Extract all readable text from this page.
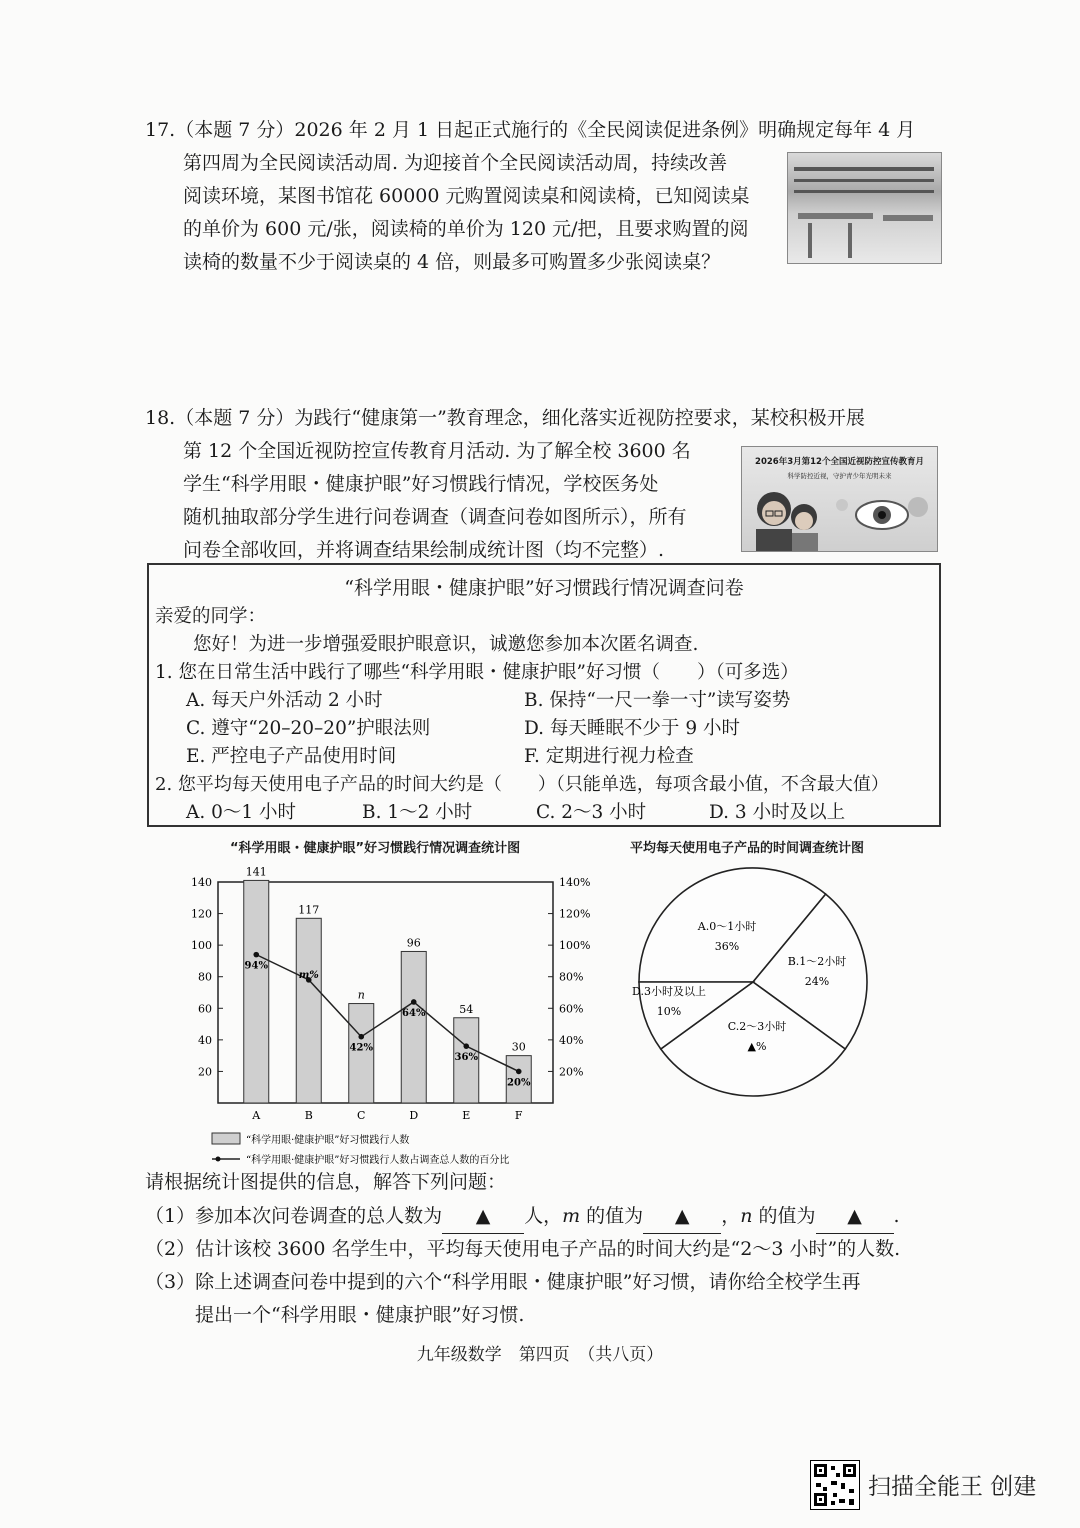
17.（本题 7 分）2026 年 2 月 1 日起正式施行的《全民阅读促进条例》明确规定每年 4 月
第四周为全民阅读活动周. 为迎接首个全民阅读活动周，持续改善
阅读环境，某图书馆花 60000 元购置阅读桌和阅读椅，已知阅读桌
的单价为 600 元/张，阅读椅的单价为 120 元/把，且要求购置的阅
读椅的数量不少于阅读桌的 4 倍，则最多可购置多少张阅读桌？
18.（本题 7 分）为践行“健康第一”教育理念，细化落实近视防控要求，某校积极开展
第 12 个全国近视防控宣传教育月活动. 为了解全校 3600 名
学生“科学用眼・健康护眼”好习惯践行情况，学校医务处
随机抽取部分学生进行问卷调查（调查问卷如图所示），所有
问卷全部收回，并将调查结果绘制成统计图（均不完整）.
2026年3月第12个全国近视防控宣传教育月
科学防控近视，守护青少年光明未来
“科学用眼・健康护眼”好习惯践行情况调查问卷
亲爱的同学：
您好！为进一步增强爱眼护眼意识，诚邀您参加本次匿名调查.
1. 您在日常生活中践行了哪些“科学用眼・健康护眼”好习惯（　　）（可多选）
A. 每天户外活动 2 小时	B. 保持“一尺一拳一寸”读写姿势
C. 遵守“20–20–20”护眼法则	D. 每天睡眠不少于 9 小时
E. 严控电子产品使用时间	F. 定期进行视力检查
2. 您平均每天使用电子产品的时间大约是（　　）（只能单选，每项含最小值，不含最大值）
A. 0～1 小时	B. 1～2 小时	C. 2～3 小时	D. 3 小时及以上
“科学用眼・健康护眼”好习惯践行情况调查统计图	平均每天使用电子产品的时间调查统计图
20
40
60
80
100
120
140
20%
40%
60%
80%
100%
120%
140%
141
A
117
B
n
C
96
D
54
E
30
F
94%
m%
42%
64%
36%
20%
“科学用眼·健康护眼”好习惯践行人数
“科学用眼·健康护眼”好习惯践行人数占调查总人数的百分比
A.0～1小时
36%
B.1～2小时
24%
C.2～3小时
▲%
D.3小时及以上
10%
请根据统计图提供的信息，解答下列问题：
（1）参加本次问卷调查的总人数为 ▲ 人，m 的值为 ▲ ，n 的值为 ▲ .
（2）估计该校 3600 名学生中，平均每天使用电子产品的时间大约是“2～3 小时”的人数.
（3）除上述调查问卷中提到的六个“科学用眼・健康护眼”好习惯，请你给全校学生再
提出一个“科学用眼・健康护眼”好习惯.
九年级数学　第四页　（共八页）
扫描全能王 创建
